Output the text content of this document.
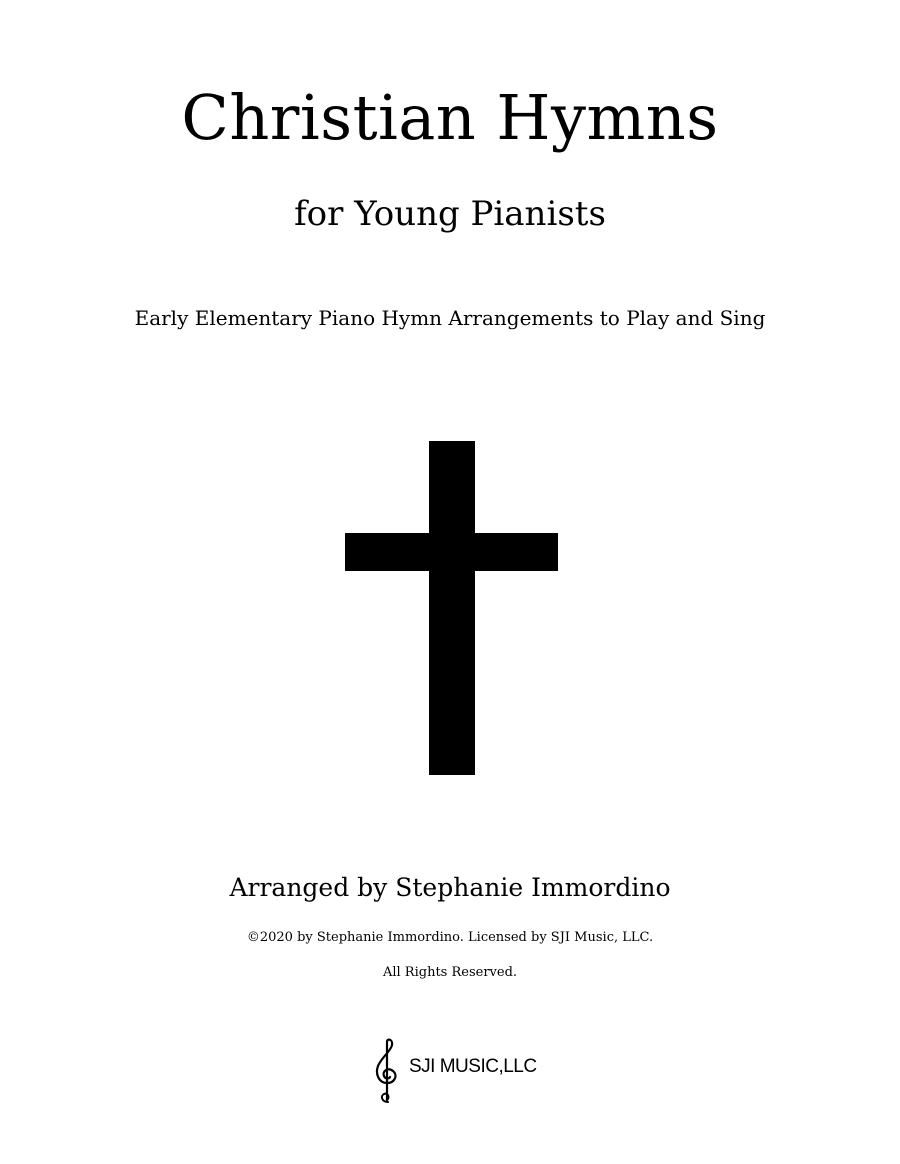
Christian Hymns
for Young Pianists
Early Elementary Piano Hymn Arrangements to Play and Sing
Arranged by Stephanie Immordino
©2020 by Stephanie Immordino. Licensed by SJI Music, LLC.
All Rights Reserved.
SJI MUSIC,LLC
